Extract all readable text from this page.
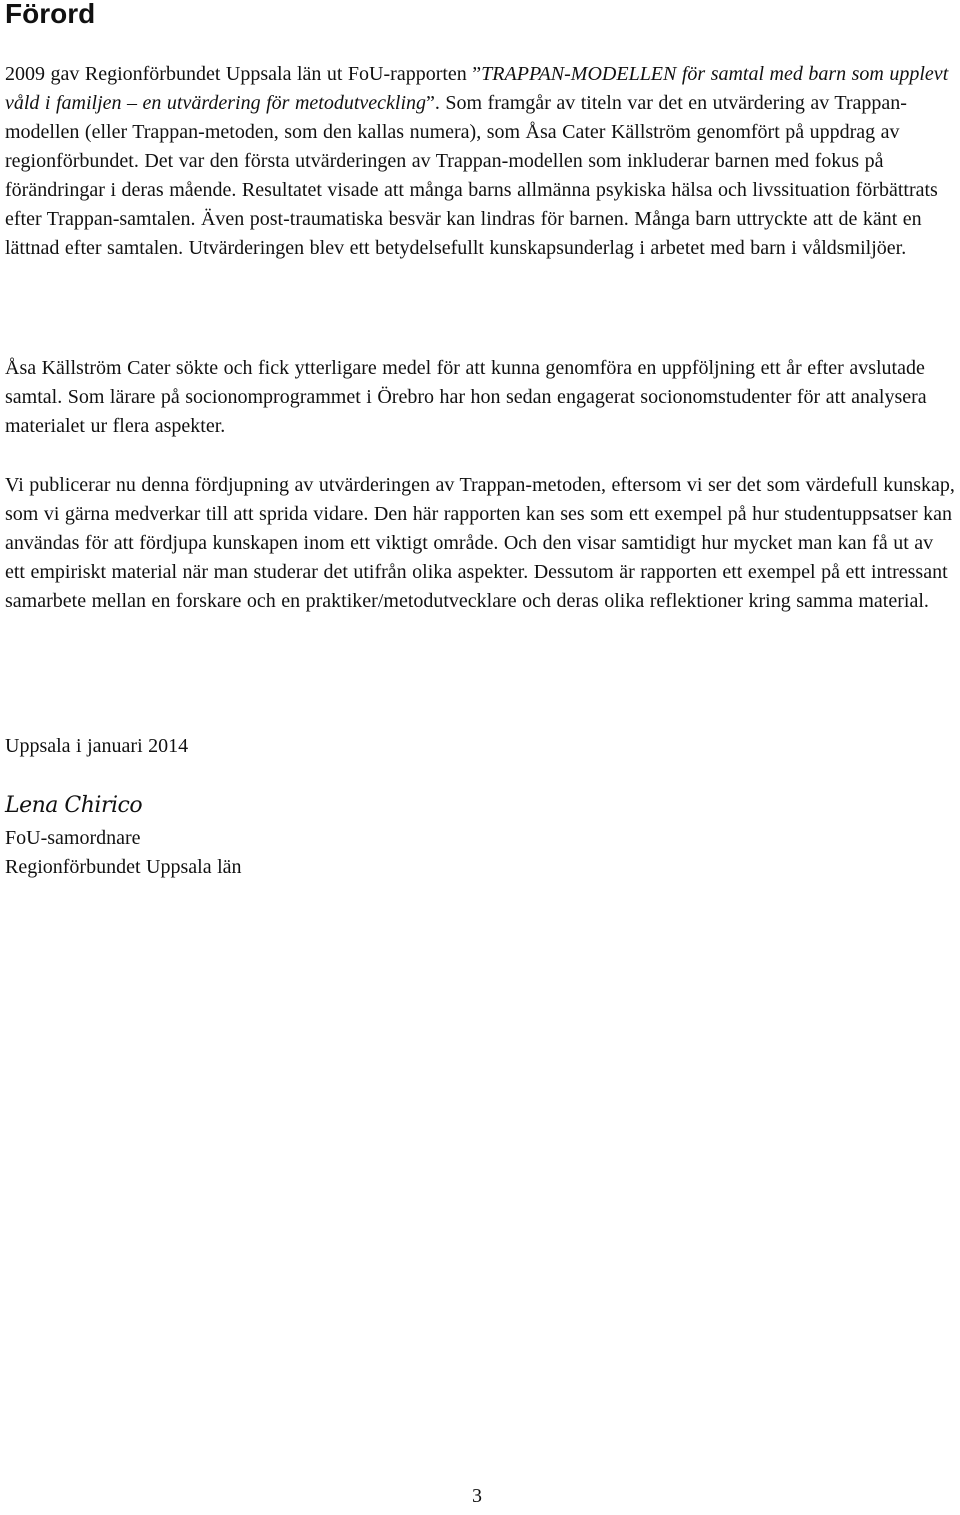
Förord

2009 gav Regionförbundet Uppsala län ut FoU-rapporten ”TRAPPAN-MODELLEN för samtal med barn som upplevt våld i familjen – en utvärdering för metodutveckling”. Som framgår av titeln var det en utvärdering av Trappan-modellen (eller Trappan-metoden, som den kallas numera), som Åsa Cater Källström genomfört på uppdrag av regionförbundet. Det var den första utvärderingen av Trappan-modellen som inkluderar barnen med fokus på förändringar i deras mående. Resultatet visade att många barns allmänna psykiska hälsa och livssituation förbättrats efter Trappan-samtalen. Även post-traumatiska besvär kan lindras för barnen. Många barn uttryckte att de känt en lättnad efter samtalen. Utvärderingen blev ett betydelsefullt kunskapsunderlag i arbetet med barn i våldsmiljöer.

Åsa Källström Cater sökte och fick ytterligare medel för att kunna genomföra en uppföljning ett år efter avslutade samtal. Som lärare på socionomprogrammet i Örebro har hon sedan engagerat socionomstudenter för att analysera materialet ur flera aspekter.

Vi publicerar nu denna fördjupning av utvärderingen av Trappan-metoden, eftersom vi ser det som värdefull kunskap, som vi gärna medverkar till att sprida vidare. Den här rapporten kan ses som ett exempel på hur studentuppsatser kan användas för att fördjupa kunskapen inom ett viktigt område. Och den visar samtidigt hur mycket man kan få ut av ett empiriskt material när man studerar det utifrån olika aspekter. Dessutom är rapporten ett exempel på ett intressant samarbete mellan en forskare och en praktiker/metodutvecklare och deras olika reflektioner kring samma material.

Uppsala i januari 2014
Lena Chirico
FoU-samordnare
Regionförbundet Uppsala län
3
